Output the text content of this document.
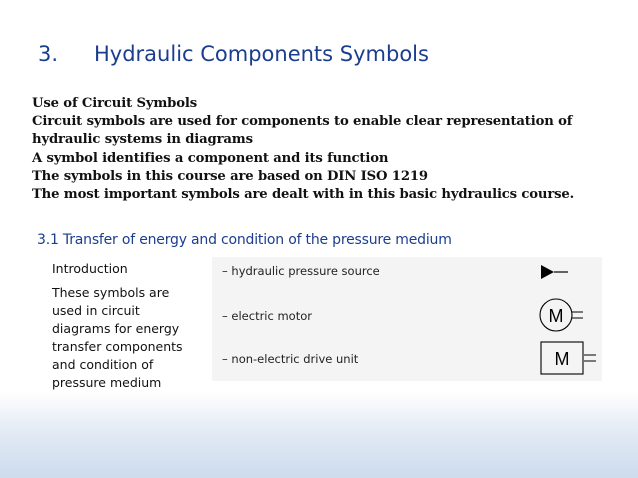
3. Hydraulic Components Symbols
Use of Circuit Symbols
Circuit symbols are used for components to enable clear representation of
hydraulic systems in diagrams
A symbol identifies a component and its function
The symbols in this course are based on DIN ISO 1219
The most important symbols are dealt with in this basic hydraulics course.
3.1 Transfer of energy and condition of the pressure medium
Introduction
These symbols are
used in circuit
diagrams for energy
transfer components
and condition of
pressure medium
– hydraulic pressure source
– electric motor
– non-electric drive unit
M
M
